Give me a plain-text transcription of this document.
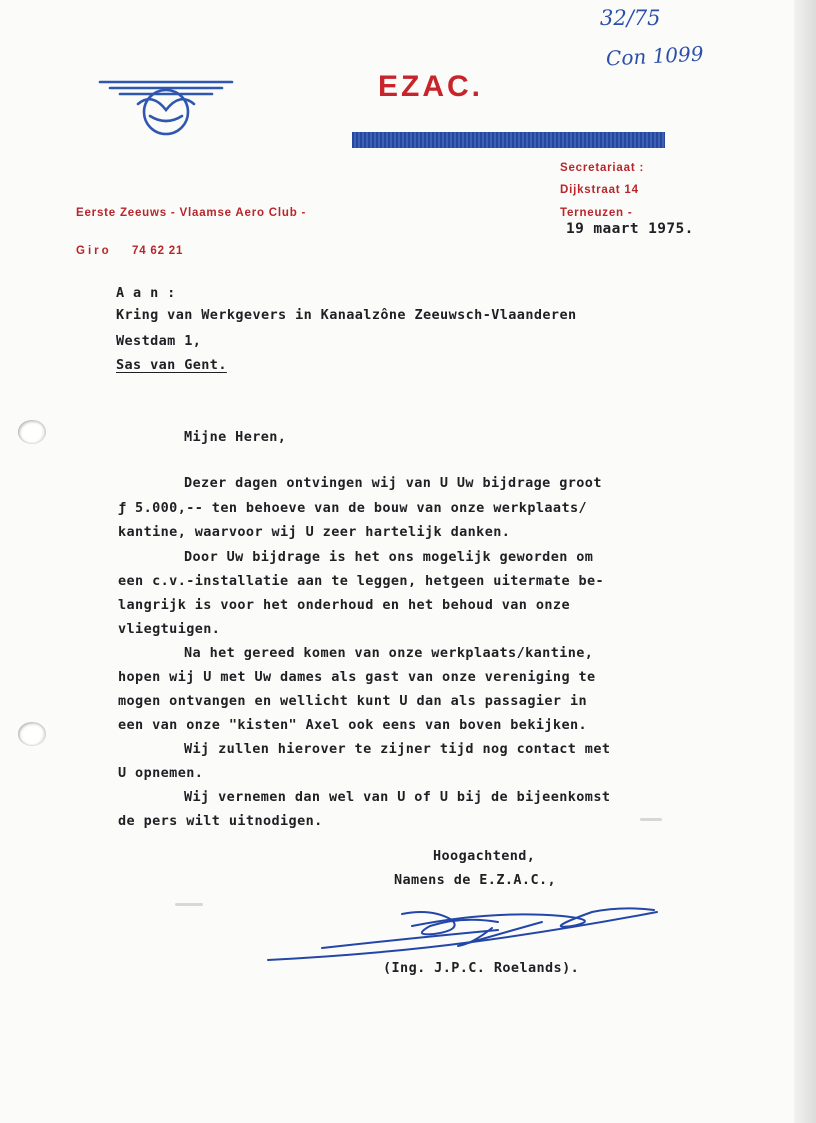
32/75
Con 1099
EZAC.
Secretariaat :
Dijkstraat 14
Terneuzen -
Eerste Zeeuws - Vlaamse Aero Club -
Giro 74 62 21
19 maart 1975.
A a n :
Kring van Werkgevers in Kanaalzône Zeeuwsch-Vlaanderen
Westdam 1,
Sas van Gent.
Mijne Heren,
Dezer dagen ontvingen wij van U Uw bijdrage groot
ƒ 5.000,-- ten behoeve van de bouw van onze werkplaats/
kantine, waarvoor wij U zeer hartelijk danken.
Door Uw bijdrage is het ons mogelijk geworden om
een c.v.-installatie aan te leggen, hetgeen uitermate be-
langrijk is voor het onderhoud en het behoud van onze
vliegtuigen.
Na het gereed komen van onze werkplaats/kantine,
hopen wij U met Uw dames als gast van onze vereniging te
mogen ontvangen en wellicht kunt U dan als passagier in
een van onze "kisten" Axel ook eens van boven bekijken.
Wij zullen hierover te zijner tijd nog contact met
U opnemen.
Wij vernemen dan wel van U of U bij de bijeenkomst
de pers wilt uitnodigen.
Hoogachtend,
Namens de E.Z.A.C.,
(Ing. J.P.C. Roelands).
